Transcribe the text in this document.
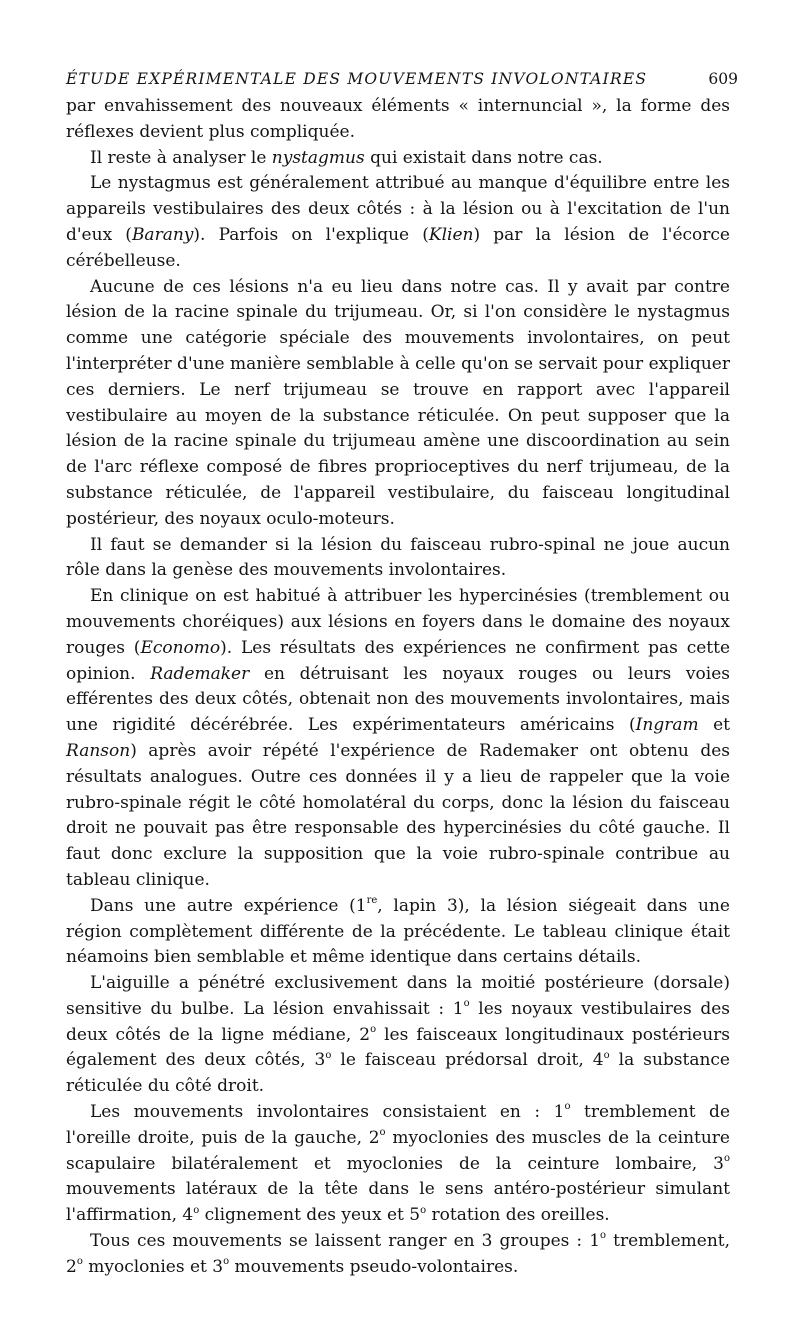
ÉTUDE EXPÉRIMENTALE DES MOUVEMENTS INVOLONTAIRES	609

par envahissement des nouveaux éléments « internuncial », la forme des réflexes devient plus compliquée.

Il reste à analyser le nystagmus qui existait dans notre cas.

Le nystagmus est généralement attribué au manque d'équilibre entre les appareils vestibulaires des deux côtés : à la lésion ou à l'excitation de l'un d'eux (Barany). Parfois on l'explique (Klien) par la lésion de l'écorce cérébelleuse.

Aucune de ces lésions n'a eu lieu dans notre cas. Il y avait par contre lésion de la racine spinale du trijumeau. Or, si l'on considère le nystagmus comme une catégorie spéciale des mouvements involontaires, on peut l'interpréter d'une manière semblable à celle qu'on se servait pour expliquer ces derniers. Le nerf trijumeau se trouve en rapport avec l'appareil vestibulaire au moyen de la substance réticulée. On peut supposer que la lésion de la racine spinale du trijumeau amène une discoordination au sein de l'arc réflexe composé de fibres proprioceptives du nerf trijumeau, de la substance réticulée, de l'appareil vestibulaire, du faisceau longitudinal postérieur, des noyaux oculo-moteurs.

Il faut se demander si la lésion du faisceau rubro-spinal ne joue aucun rôle dans la genèse des mouvements involontaires.

En clinique on est habitué à attribuer les hypercinésies (tremblement ou mouvements choréiques) aux lésions en foyers dans le domaine des noyaux rouges (Economo). Les résultats des expériences ne confirment pas cette opinion. Rademaker en détruisant les noyaux rouges ou leurs voies efférentes des deux côtés, obtenait non des mouvements involontaires, mais une rigidité décérébrée. Les expérimentateurs américains (Ingram et Ranson) après avoir répété l'expérience de Rademaker ont obtenu des résultats analogues. Outre ces données il y a lieu de rappeler que la voie rubro-spinale régit le côté homolatéral du corps, donc la lésion du faisceau droit ne pouvait pas être responsable des hypercinésies du côté gauche. Il faut donc exclure la supposition que la voie rubro-spinale contribue au tableau clinique.

Dans une autre expérience (1re, lapin 3), la lésion siégeait dans une région complètement différente de la précédente. Le tableau clinique était néamoins bien semblable et même identique dans certains détails.

L'aiguille a pénétré exclusivement dans la moitié postérieure (dorsale) sensitive du bulbe. La lésion envahissait : 1$^o$ les noyaux vestibulaires des deux côtés de la ligne médiane, 2$^o$ les faisceaux longitudinaux postérieurs également des deux côtés, 3$^o$ le faisceau prédorsal droit, 4$^o$ la substance réticulée du côté droit.

Les mouvements involontaires consistaient en : 1$^o$ tremblement de l'oreille droite, puis de la gauche, 2$^o$ myoclonies des muscles de la ceinture scapulaire bilatéralement et myoclonies de la ceinture lombaire, 3$^o$ mouvements latéraux de la tête dans le sens antéro-postérieur simulant l'affirmation, 4$^o$ clignement des yeux et 5$^o$ rotation des oreilles.

Tous ces mouvements se laissent ranger en 3 groupes : 1$^o$ tremblement, 2$^o$ myoclonies et 3$^o$ mouvements pseudo-volontaires.
